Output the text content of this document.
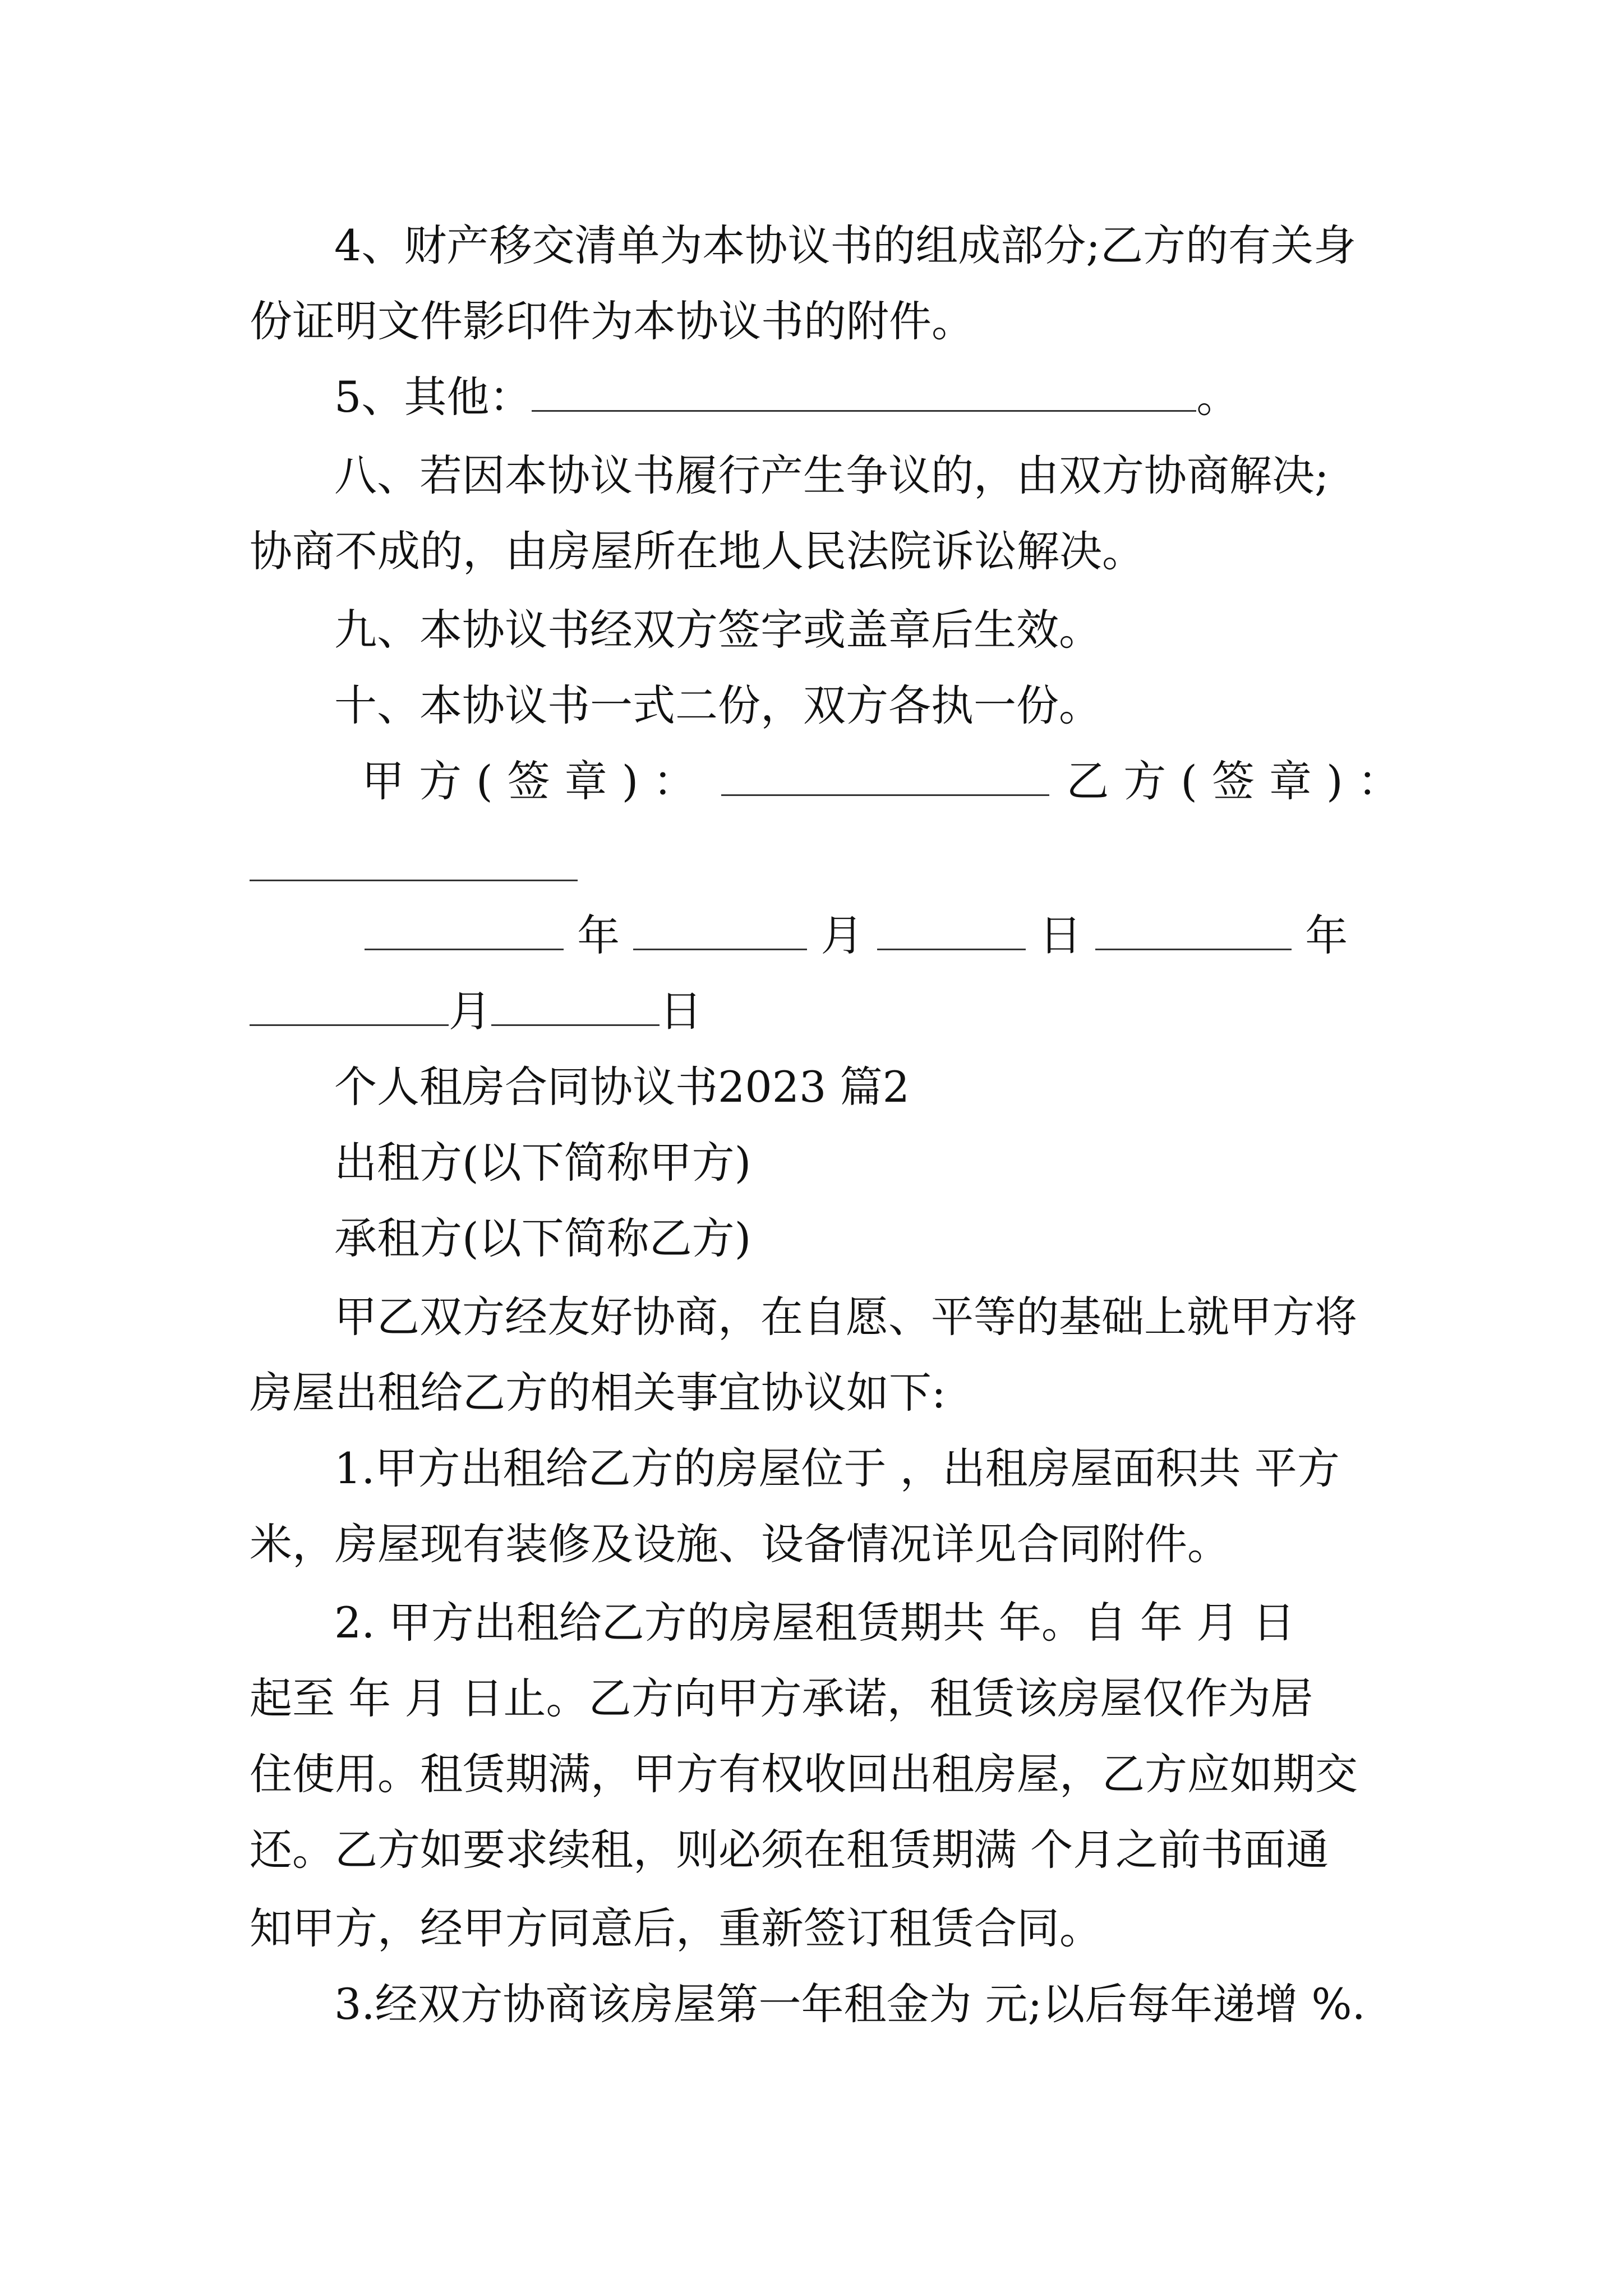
4、财产移交清单为本协议书的组成部分;乙方的有关身
份证明文件影印件为本协议书的附件。
5、其他：	。
八、若因本协议书履行产生争议的，由双方协商解决;
协商不成的，由房屋所在地人民法院诉讼解决。
九、本协议书经双方签字或盖章后生效。
十、本协议书一式二份，双方各执一份。
甲方(签章)：	乙方(签章)：
年	月	日	年
月	日
个人租房合同协议书2023 篇2
出租方(以下简称甲方)
承租方(以下简称乙方)
甲乙双方经友好协商，在自愿、平等的基础上就甲方将
房屋出租给乙方的相关事宜协议如下:
1.甲方出租给乙方的房屋位于 ，出租房屋面积共 平方
米，房屋现有装修及设施、设备情况详见合同附件。
2. 甲方出租给乙方的房屋租赁期共 年。自 年 月 日
起至 年 月 日止。乙方向甲方承诺，租赁该房屋仅作为居
住使用。租赁期满，甲方有权收回出租房屋，乙方应如期交
还。乙方如要求续租，则必须在租赁期满 个月之前书面通
知甲方，经甲方同意后，重新签订租赁合同。
3.经双方协商该房屋第一年租金为 元;以后每年递增 %.
